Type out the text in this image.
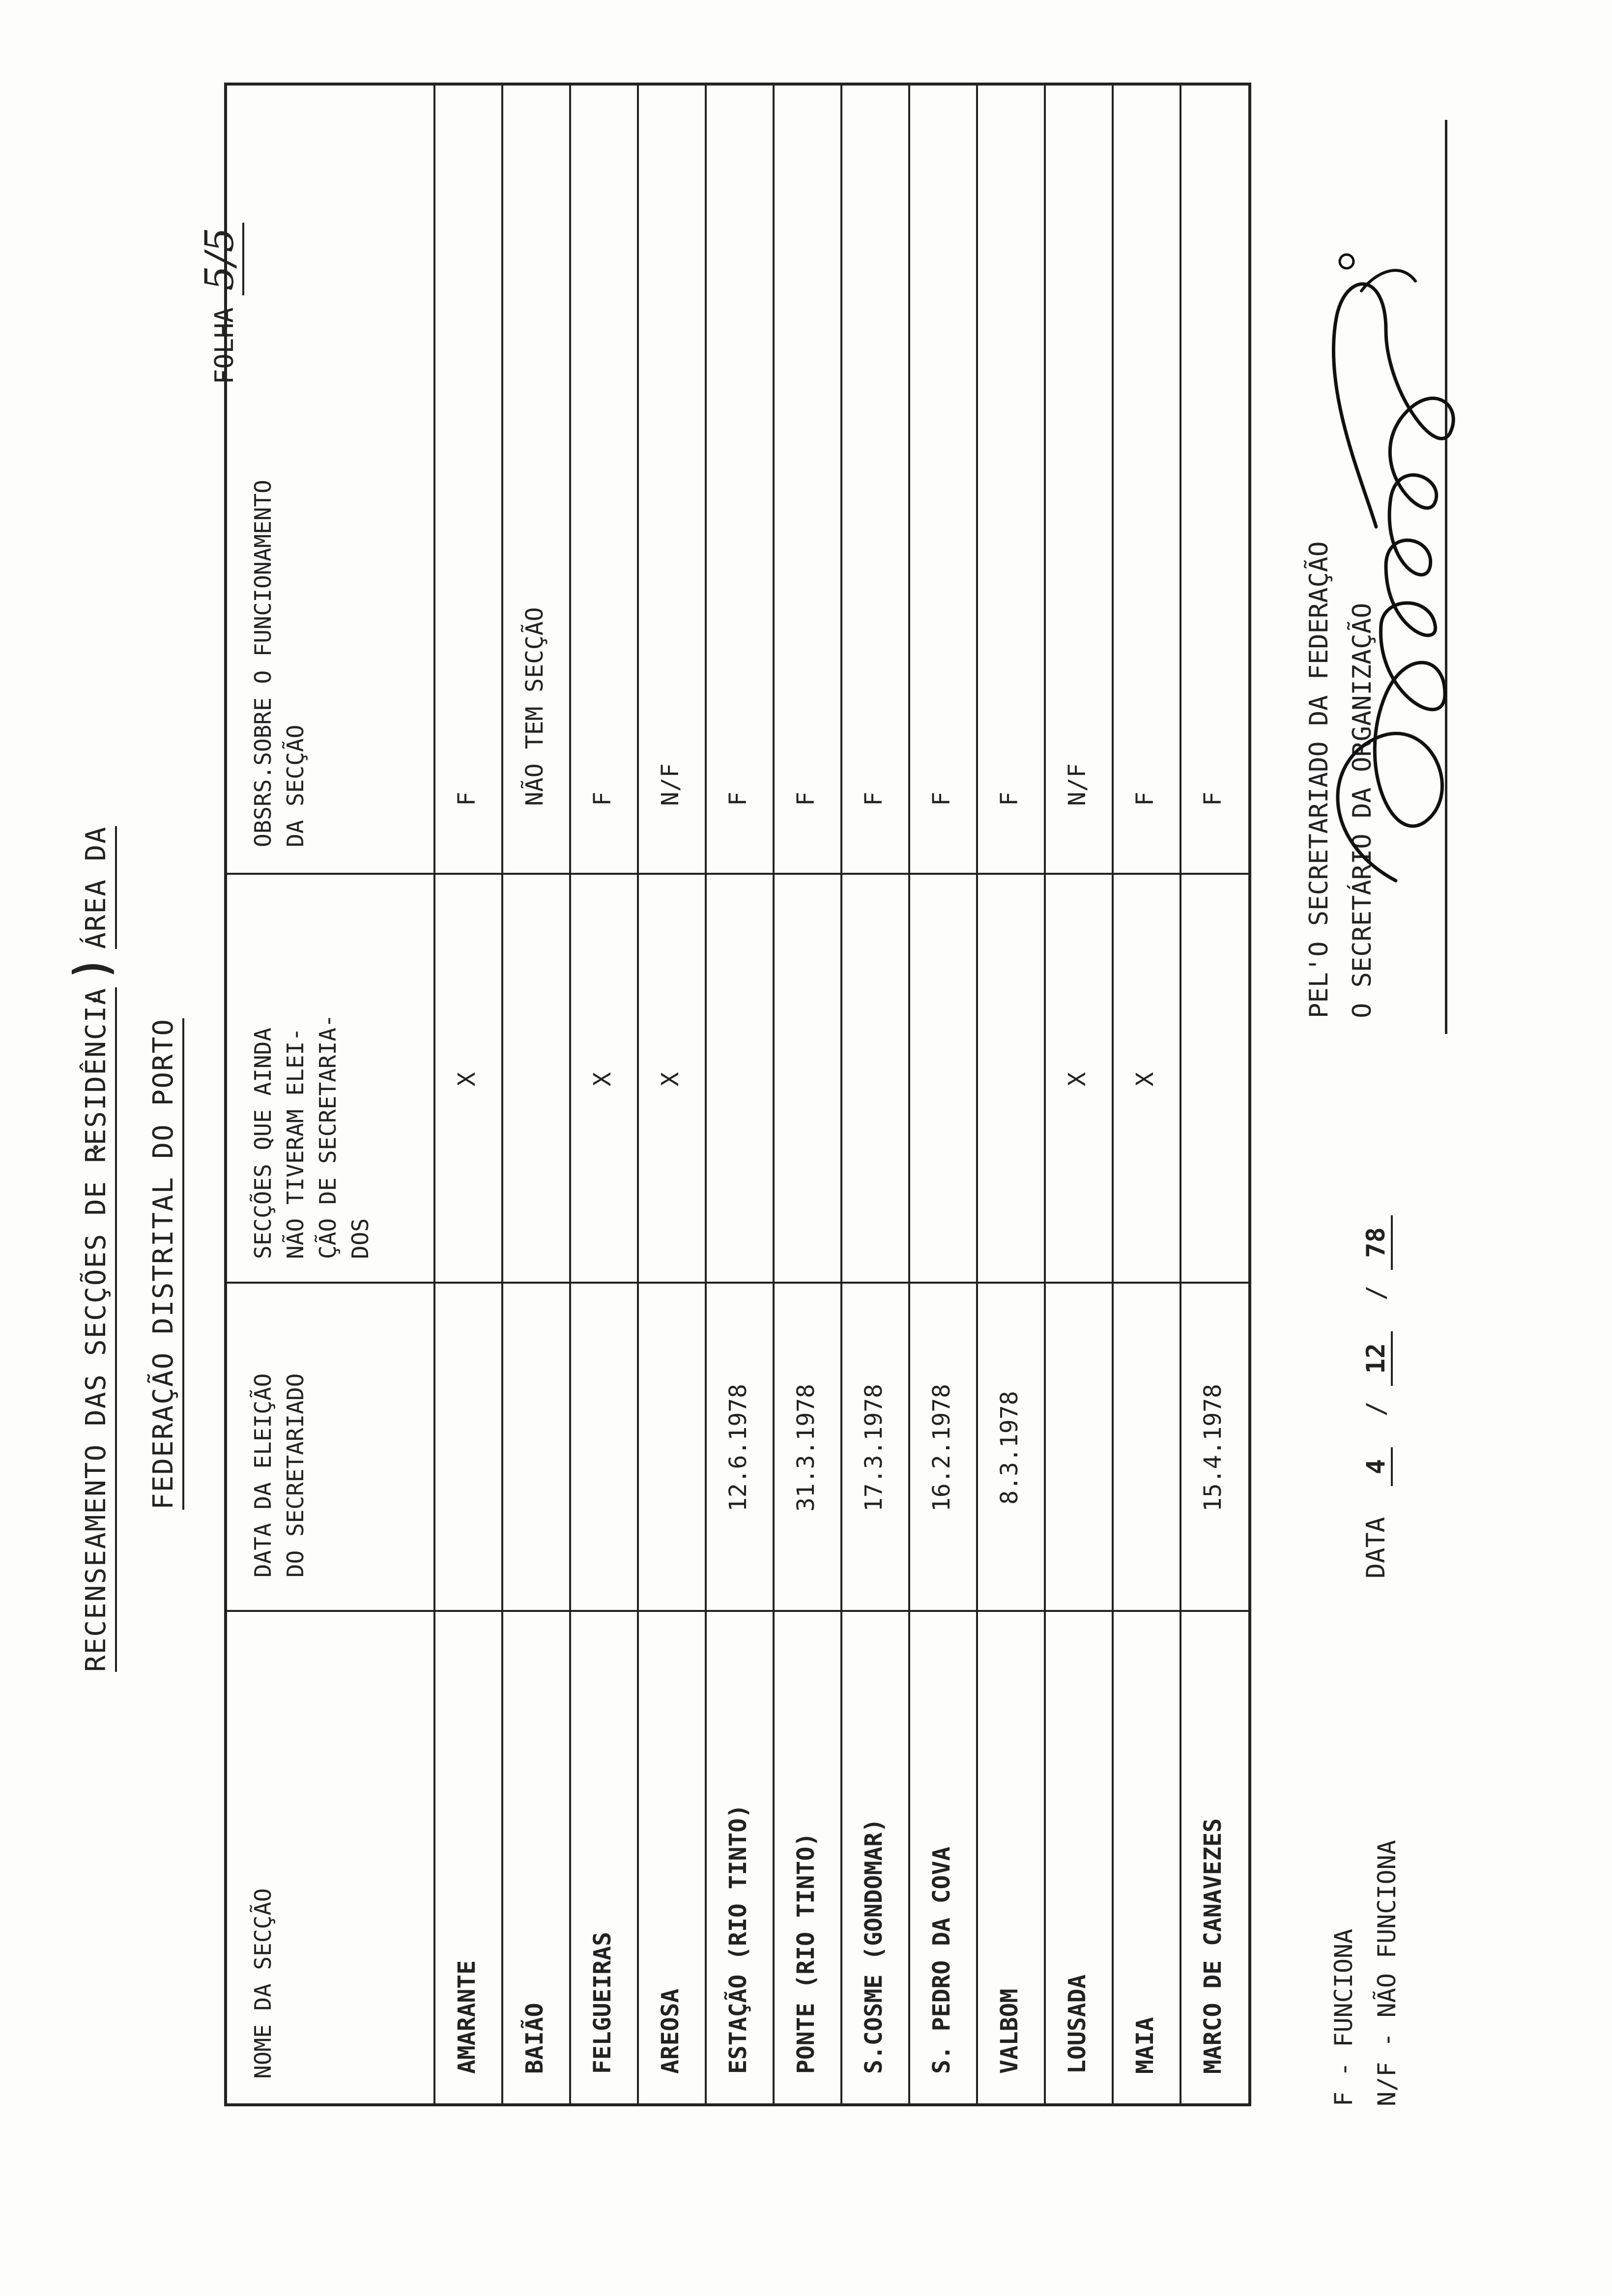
RECENSEAMENTO DAS SECÇÕES DE RESIDÊNCIA)ÁREA DA
FEDERAÇÃO DISTRITAL DO PORTO
FOLHA5/5
NOME DA SECÇÃO
DATA DA ELEIÇÃO
DO SECRETARIADO
SECÇÕES QUE AINDA
NÃO TIVERAM ELEI-
ÇÃO DE SECRETARIA-
DOS
OBSRS.SOBRE O FUNCIONAMENTO
DA SECÇÃO
AMARANTE
X
F
BAIÃO
NÃO TEM SECÇÃO
FELGUEIRAS
X
F
AREOSA
X
N/F
ESTAÇÃO (RIO TINTO)
12.6.1978
F
PONTE (RIO TINTO)
31.3.1978
F
S.COSME (GONDOMAR)
17.3.1978
F
S. PEDRO DA COVA
16.2.1978
F
VALBOM
8.3.1978
F
LOUSADA
X
N/F
MAIA
X
F
MARCO DE CANAVEZES
15.4.1978
F
F - FUNCIONA N/F - NÃO FUNCIONA
DATA  4  / 12  / 78
PEL'O SECRETARIADO DA FEDERAÇÃO O SECRETÁRIO DA ORGANIZAÇÃO
